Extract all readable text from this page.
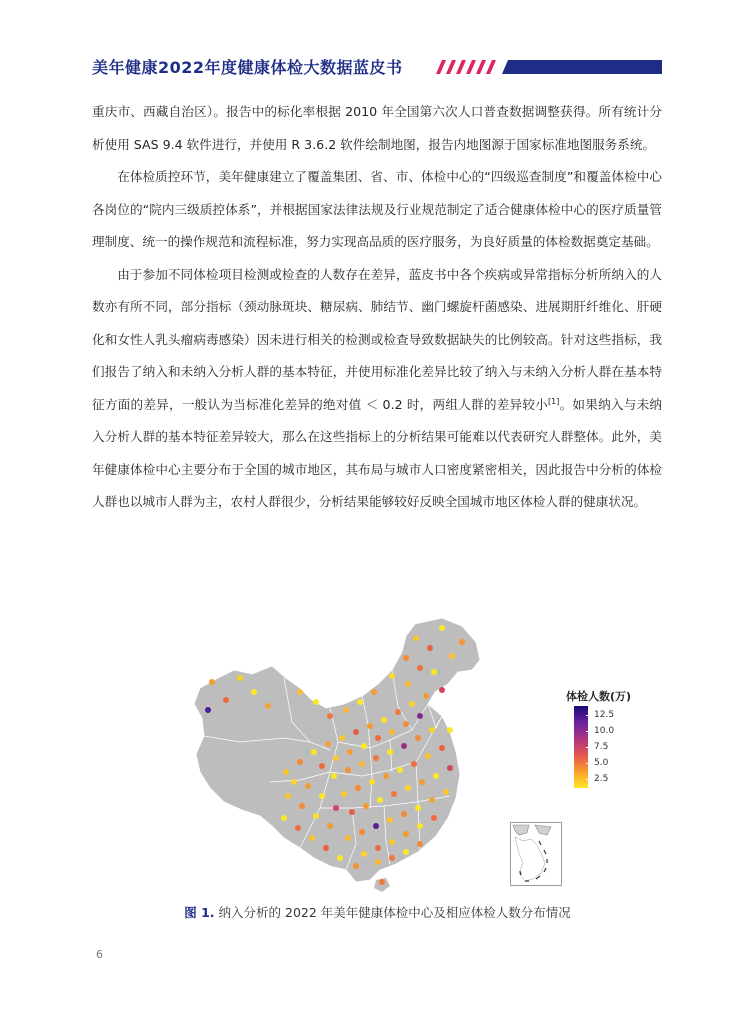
美年健康2022年度健康体检大数据蓝皮书

重庆市、西藏自治区）。报告中的标化率根据 2010 年全国第六次人口普查数据调整获得。所有统计分析使用 SAS 9.4 软件进行，并使用 R 3.6.2 软件绘制地图，报告内地图源于国家标准地图服务系统。

在体检质控环节，美年健康建立了覆盖集团、省、市、体检中心的“四级巡查制度”和覆盖体检中心各岗位的“院内三级质控体系”，并根据国家法律法规及行业规范制定了适合健康体检中心的医疗质量管理制度、统一的操作规范和流程标准，努力实现高品质的医疗服务，为良好质量的体检数据奠定基础。

由于参加不同体检项目检测或检查的人数存在差异，蓝皮书中各个疾病或异常指标分析所纳入的人数亦有所不同，部分指标（颈动脉斑块、糖尿病、肺结节、幽门螺旋杆菌感染、进展期肝纤维化、肝硬化和女性人乳头瘤病毒感染）因未进行相关的检测或检查导致数据缺失的比例较高。针对这些指标，我们报告了纳入和未纳入分析人群的基本特征，并使用标准化差异比较了纳入与未纳入分析人群在基本特征方面的差异，一般认为当标准化差异的绝对值 ＜ 0.2 时，两组人群的差异较小[1]。如果纳入与未纳入分析人群的基本特征差异较大，那么在这些指标上的分析结果可能难以代表研究人群整体。此外，美年健康体检中心主要分布于全国的城市地区，其布局与城市人口密度紧密相关，因此报告中分析的体检人群也以城市人群为主，农村人群很少，分析结果能够较好反映全国城市地区体检人群的健康状况。

体检人数(万)
12.5
10.0
7.5
5.0
2.5
图 1. 纳入分析的 2022 年美年健康体检中心及相应体检人数分布情况
6
